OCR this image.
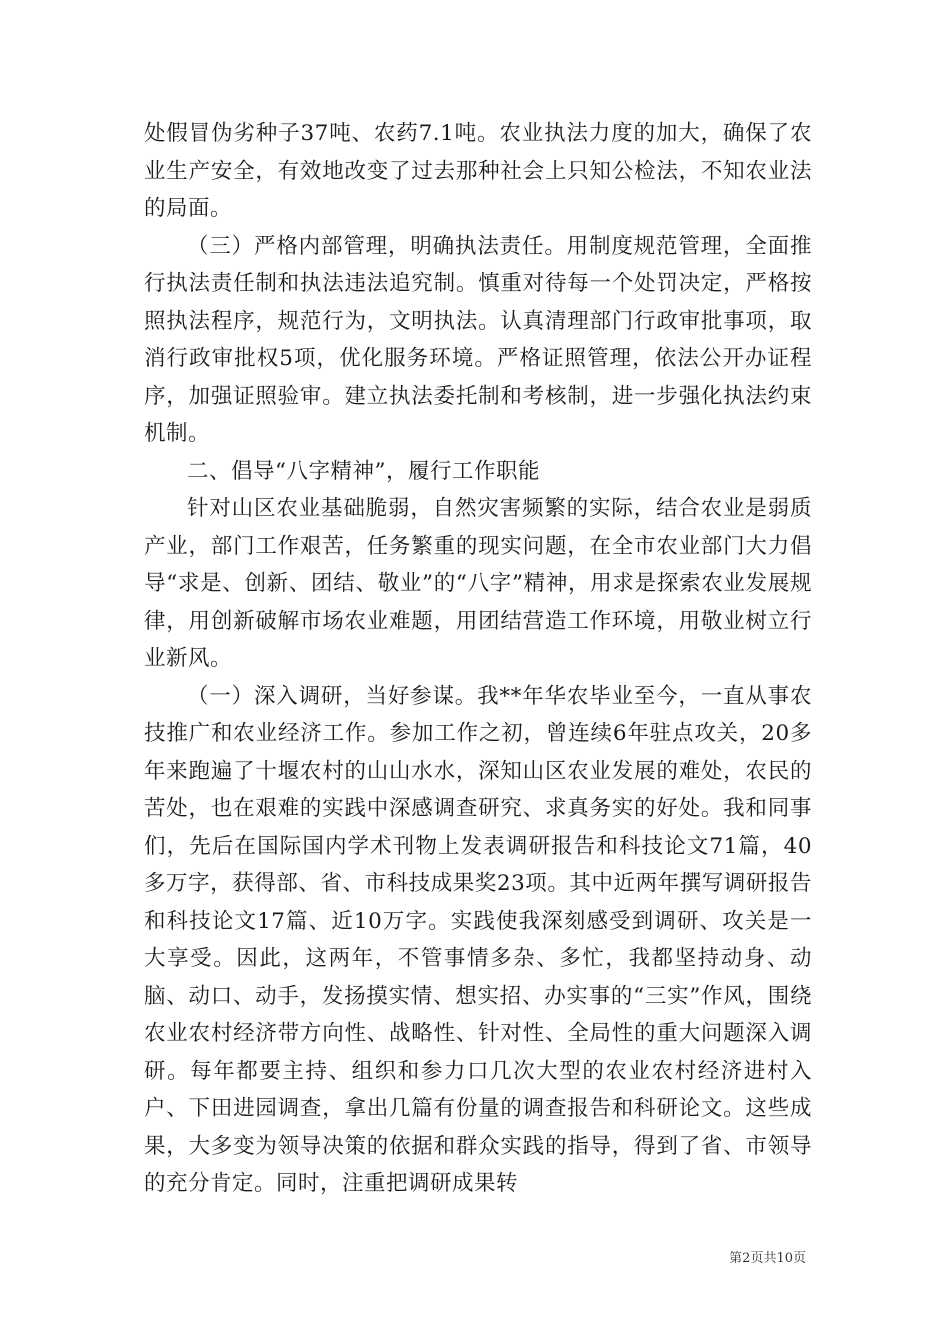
处假冒伪劣种子37吨、农药7.1吨。农业执法力度的加大，确保了农业生产安全，有效地改变了过去那种社会上只知公检法，不知农业法的局面。

（三）严格内部管理，明确执法责任。用制度规范管理，全面推行执法责任制和执法违法追究制。慎重对待每一个处罚决定，严格按照执法程序，规范行为，文明执法。认真清理部门行政审批事项，取消行政审批权5项，优化服务环境。严格证照管理，依法公开办证程序，加强证照验审。建立执法委托制和考核制，进一步强化执法约束机制。

二、倡导“八字精神”，履行工作职能

针对山区农业基础脆弱，自然灾害频繁的实际，结合农业是弱质产业，部门工作艰苦，任务繁重的现实问题，在全市农业部门大力倡导“求是、创新、团结、敬业”的“八字”精神，用求是探索农业发展规律，用创新破解市场农业难题，用团结营造工作环境，用敬业树立行业新风。

（一）深入调研，当好参谋。我**年华农毕业至今，一直从事农技推广和农业经济工作。参加工作之初，曾连续6年驻点攻关，20多年来跑遍了十堰农村的山山水水，深知山区农业发展的难处，农民的苦处，也在艰难的实践中深感调查研究、求真务实的好处。我和同事们，先后在国际国内学术刊物上发表调研报告和科技论文71篇，40多万字，获得部、省、市科技成果奖23项。其中近两年撰写调研报告和科技论文17篇、近10万字。实践使我深刻感受到调研、攻关是一大享受。因此，这两年，不管事情多杂、多忙，我都坚持动身、动脑、动口、动手，发扬摸实情、想实招、办实事的“三实”作风，围绕农业农村经济带方向性、战略性、针对性、全局性的重大问题深入调研。每年都要主持、组织和参力口几次大型的农业农村经济进村入户、下田进园调查，拿出几篇有份量的调查报告和科研论文。这些成果，大多变为领导决策的依据和群众实践的指导，得到了省、市领导的充分肯定。同时，注重把调研成果转

第2页共10页
